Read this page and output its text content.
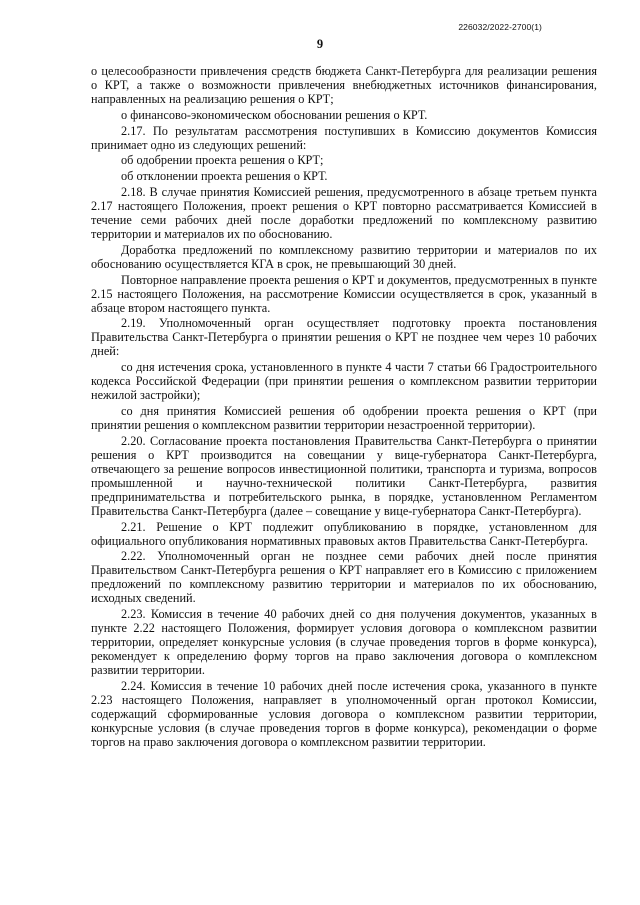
226032/2022-2700(1)
9

о целесообразности привлечения средств бюджета Санкт-Петербурга для реализации решения о КРТ, а также о возможности привлечения внебюджетных источников финансирования, направленных на реализацию решения о КРТ;

о финансово-экономическом обосновании решения о КРТ.

2.17. По результатам рассмотрения поступивших в Комиссию документов Комиссия принимает одно из следующих решений:

об одобрении проекта решения о КРТ;

об отклонении проекта решения о КРТ.

2.18. В случае принятия Комиссией решения, предусмотренного в абзаце третьем пункта 2.17 настоящего Положения, проект решения о КРТ повторно рассматривается Комиссией в течение семи рабочих дней после доработки предложений по комплексному развитию территории и материалов их по обоснованию.

Доработка предложений по комплексному развитию территории и материалов по их обоснованию осуществляется КГА в срок, не превышающий 30 дней.

Повторное направление проекта решения о КРТ и документов, предусмотренных в пункте 2.15 настоящего Положения, на рассмотрение Комиссии осуществляется в срок, указанный в абзаце втором настоящего пункта.

2.19. Уполномоченный орган осуществляет подготовку проекта постановления Правительства Санкт-Петербурга о принятии решения о КРТ не позднее чем через 10 рабочих дней:

со дня истечения срока, установленного в пункте 4 части 7 статьи 66 Градостроительного кодекса Российской Федерации (при принятии решения о комплексном развитии территории нежилой застройки);

со дня принятия Комиссией решения об одобрении проекта решения о КРТ (при принятии решения о комплексном развитии территории незастроенной территории).

2.20. Согласование проекта постановления Правительства Санкт-Петербурга о принятии решения о КРТ производится на совещании у вице-губернатора Санкт-Петербурга, отвечающего за решение вопросов инвестиционной политики, транспорта и туризма, вопросов промышленной и научно-технической политики Санкт-Петербурга, развития предпринимательства и потребительского рынка, в порядке, установленном Регламентом Правительства Санкт-Петербурга (далее – совещание у вице-губернатора Санкт-Петербурга).

2.21. Решение о КРТ подлежит опубликованию в порядке, установленном для официального опубликования нормативных правовых актов Правительства Санкт-Петербурга.

2.22. Уполномоченный орган не позднее семи рабочих дней после принятия Правительством Санкт-Петербурга решения о КРТ направляет его в Комиссию с приложением предложений по комплексному развитию территории и материалов по их обоснованию, исходных сведений.

2.23. Комиссия в течение 40 рабочих дней со дня получения документов, указанных в пункте 2.22 настоящего Положения, формирует условия договора о комплексном развитии территории, определяет конкурсные условия (в случае проведения торгов в форме конкурса), рекомендует к определению форму торгов на право заключения договора о комплексном развитии территории.

2.24. Комиссия в течение 10 рабочих дней после истечения срока, указанного в пункте 2.23 настоящего Положения, направляет в уполномоченный орган протокол Комиссии, содержащий сформированные условия договора о комплексном развитии территории, конкурсные условия (в случае проведения торгов в форме конкурса), рекомендации о форме торгов на право заключения договора о комплексном развитии территории.
